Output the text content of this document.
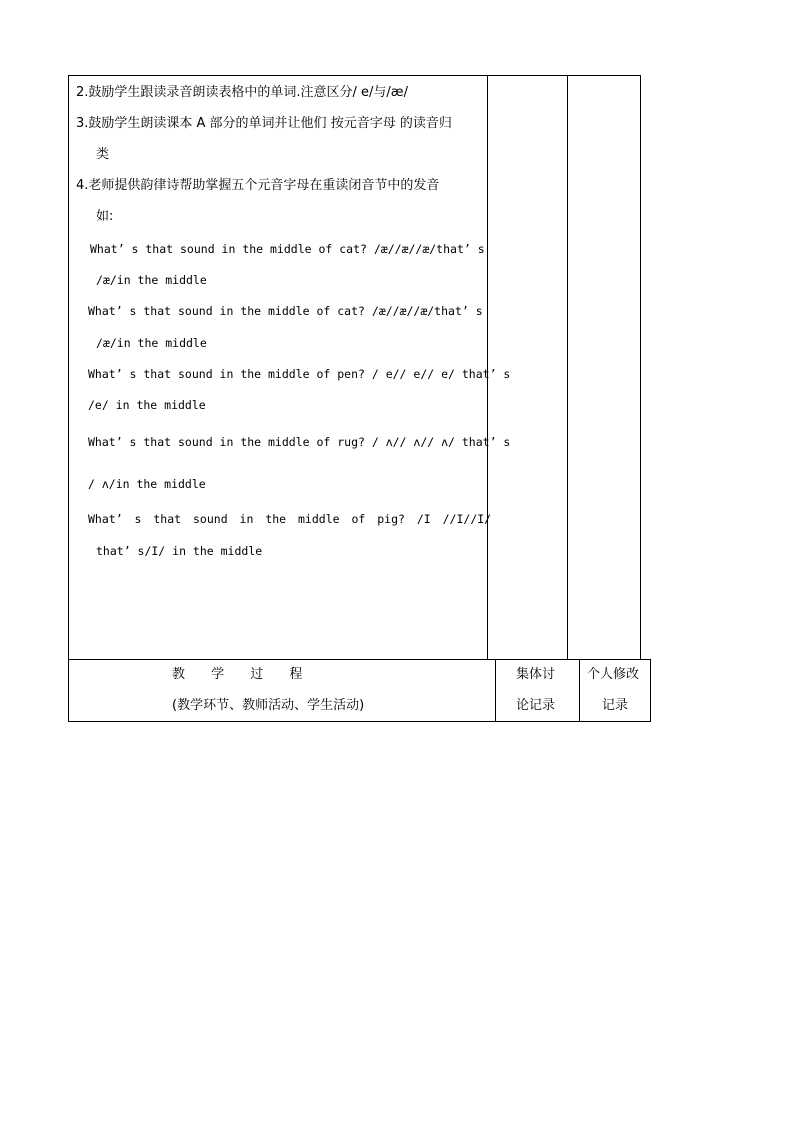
2.鼓励学生跟读录音朗读表格中的单词.注意区分/ e/与/æ/
3.鼓励学生朗读课本 A 部分的单词并让他们 按元音字母 的读音归
类
4.老师提供韵律诗帮助掌握五个元音字母在重读闭音节中的发音
如:
What’ s that sound in the middle of cat? /æ//æ//æ/that’ s
/æ/in the middle
What’ s that sound in the middle of cat? /æ//æ//æ/that’ s
/æ/in the middle
What’ s that sound in the middle of pen? / e// e// e/ that’ s
/e/ in the middle
What’ s that sound in the middle of rug? / ʌ// ʌ// ʌ/ that’ s
/ ʌ/in the middle
What’ s that sound in the middle of pig? /I //I//I/
that’ s/I/ in the middle
教 学 过 程
(教学环节、教师活动、学生活动)
集体讨
论记录
个人修改
记录
